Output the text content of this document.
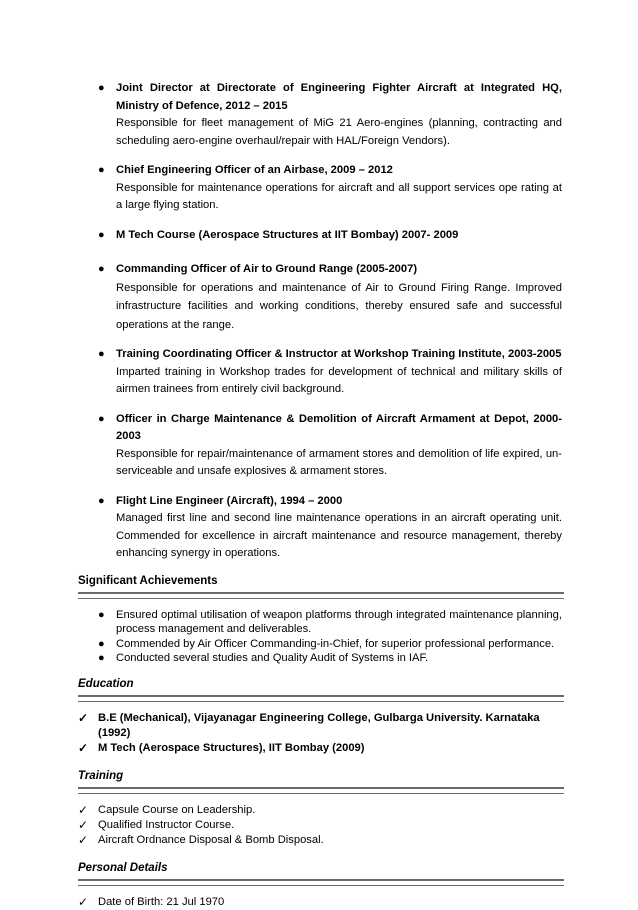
● Joint Director at Directorate of Engineering Fighter Aircraft at Integrated HQ, Ministry of Defence, 2012 – 2015
Responsible for fleet management of MiG 21 Aero-engines (planning, contracting and scheduling aero-engine overhaul/repair with HAL/Foreign Vendors).
● Chief Engineering Officer of an Airbase, 2009 – 2012
Responsible for maintenance operations for aircraft and all support services ope rating at a large flying station.
● M Tech Course (Aerospace Structures at IIT Bombay) 2007- 2009
● Commanding Officer of Air to Ground Range (2005-2007)
Responsible for operations and maintenance of Air to Ground Firing Range. Improved infrastructure facilities and working conditions, thereby ensured safe and successful operations at the range.
● Training Coordinating Officer & Instructor at Workshop Training Institute, 2003-2005
Imparted training in Workshop trades for development of technical and military skills of airmen trainees from entirely civil background.
● Officer in Charge Maintenance & Demolition of Aircraft Armament at Depot, 2000-2003
Responsible for repair/maintenance of armament stores and demolition of life expired, un-serviceable and unsafe explosives & armament stores.
● Flight Line Engineer (Aircraft), 1994 – 2000
Managed first line and second line maintenance operations in an aircraft operating unit. Commended for excellence in aircraft maintenance and resource management, thereby enhancing synergy in operations.
Significant Achievements
● Ensured optimal utilisation of weapon platforms through integrated maintenance planning, process management and deliverables.
● Commended by Air Officer Commanding-in-Chief, for superior professional performance.
● Conducted several studies and Quality Audit of Systems in IAF.
Education
✓ B.E (Mechanical), Vijayanagar Engineering College, Gulbarga University. Karnataka (1992)
✓ M Tech (Aerospace Structures), IIT Bombay (2009)
Training
✓ Capsule Course on Leadership.
✓ Qualified Instructor Course.
✓ Aircraft Ordnance Disposal & Bomb Disposal.
Personal Details
✓ Date of Birth: 21 Jul 1970
